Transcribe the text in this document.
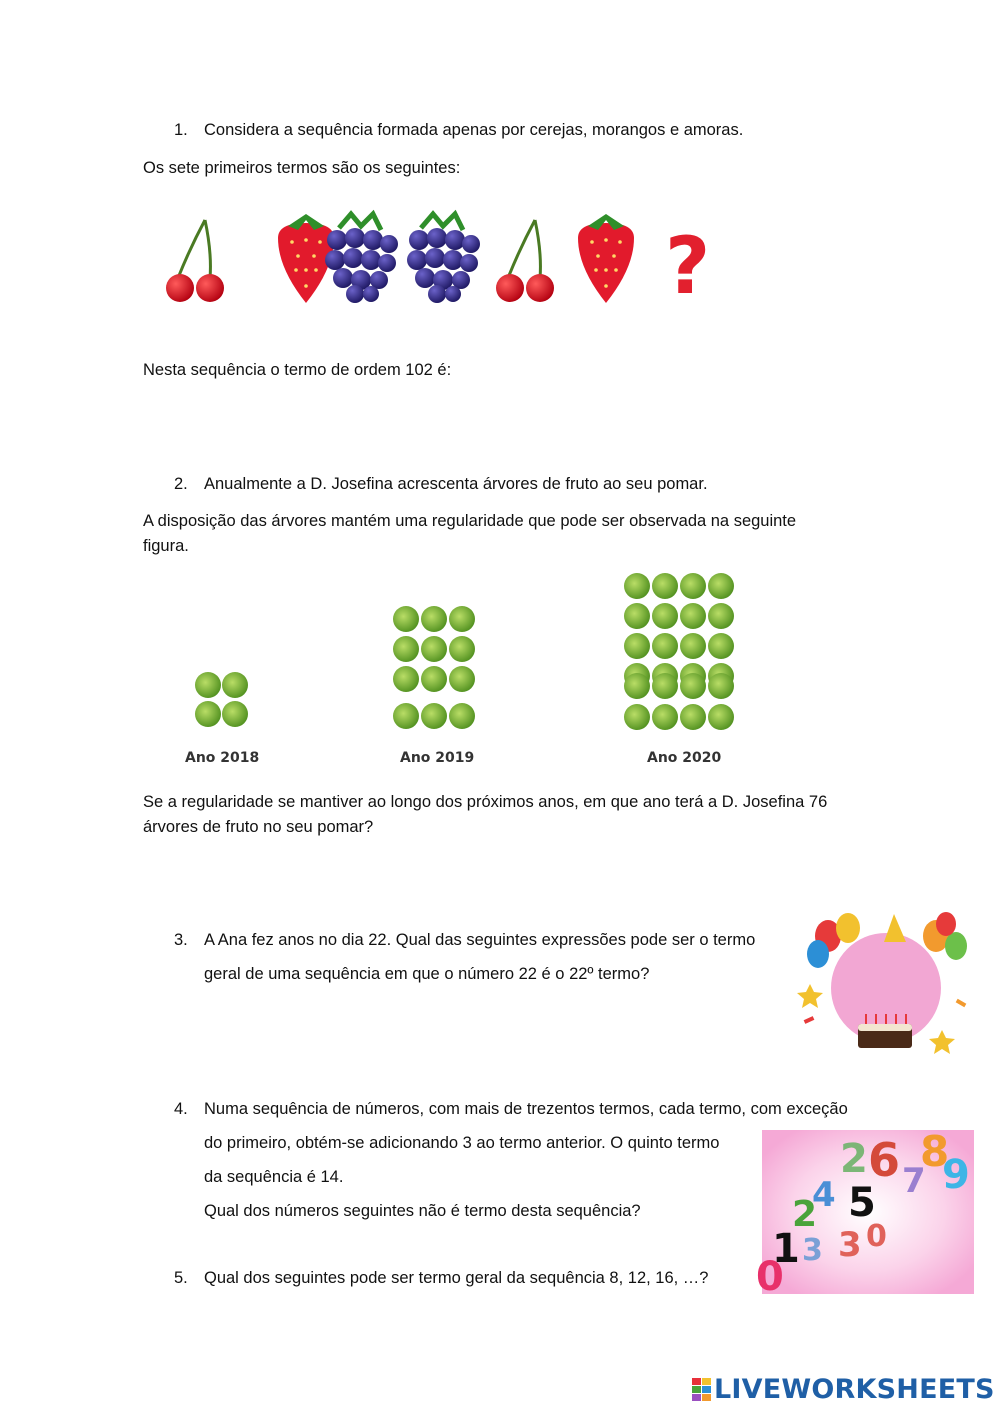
1. Considera a sequência formada apenas por cerejas, morangos e amoras.
Os sete primeiros termos são os seguintes:
?
Nesta sequência o termo de ordem 102 é:
2. Anualmente a D. Josefina acrescenta árvores de fruto ao seu pomar.
A disposição das árvores mantém uma regularidade que pode ser observada na seguinte
figura.
Ano 2018	Ano 2019	Ano 2020
Se a regularidade se mantiver ao longo dos próximos anos, em que ano terá a D. Josefina 76
árvores de fruto no seu pomar?
3. A Ana fez anos no dia 22. Qual das seguintes expressões pode ser o termo
geral de uma sequência em que o número 22 é o 22º termo?
4. Numa sequência de números, com mais de trezentos termos, cada termo, com exceção
do primeiro, obtém-se adicionando 3 ao termo anterior. O quinto termo
da sequência é 14.
Qual dos números seguintes não é termo desta sequência?
2 6 8
9
7
4 5
2
3 0
1 3
0
5. Qual dos seguintes pode ser termo geral da sequência 8, 12, 16, …?
LIVEWORKSHEETS
